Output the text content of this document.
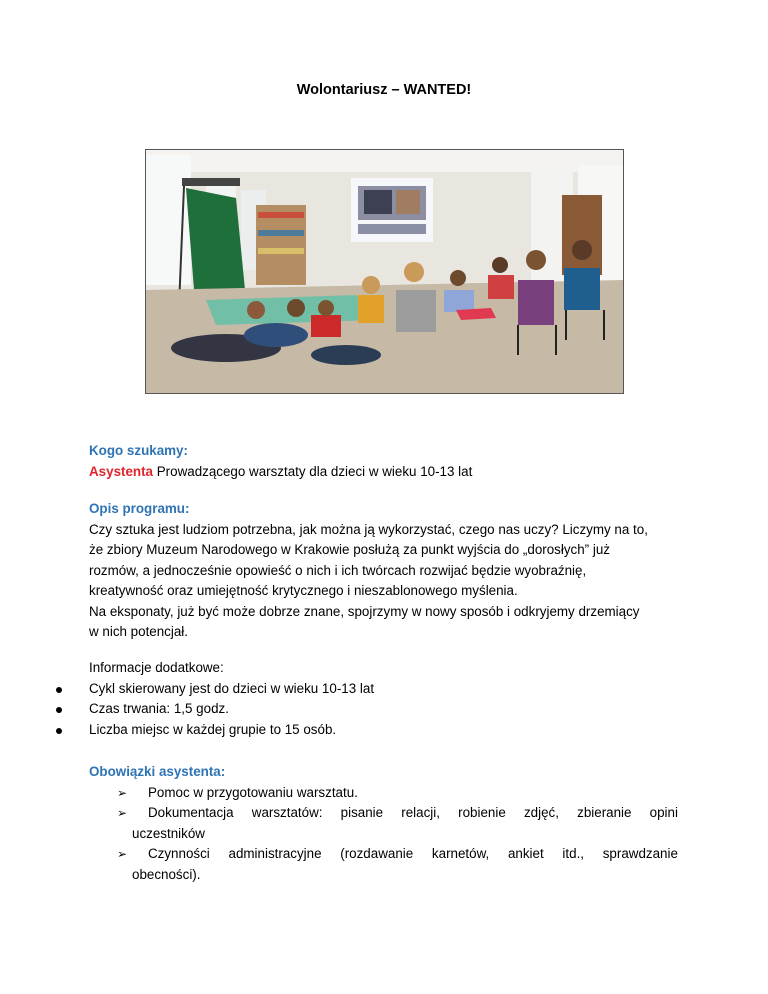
Wolontariusz – WANTED!
Kogo szukamy:
Asystenta Prowadzącego warsztaty dla dzieci w wieku 10-13 lat
Opis programu:
Czy sztuka jest ludziom potrzebna, jak można ją wykorzystać, czego nas uczy? Liczymy na to,
że zbiory Muzeum Narodowego w Krakowie posłużą za punkt wyjścia do „dorosłych” już
rozmów, a jednocześnie opowieść o nich i ich twórcach rozwijać będzie wyobraźnię,
kreatywność oraz umiejętność krytycznego i nieszablonowego myślenia.
Na eksponaty, już być może dobrze znane, spojrzymy w nowy sposób i odkryjemy drzemiący
w nich potencjał.
Informacje dodatkowe:
Cykl skierowany jest do dzieci w wieku 10-13 lat
Czas trwania: 1,5 godz.
Liczba miejsc w każdej grupie to 15 osób.
Obowiązki asystenta:
➢ Pomoc w przygotowaniu warsztatu.
➢	Dokumentacja warsztatów: pisanie relacji, robienie zdjęć, zbieranie opini
uczestników
➢	Czynności administracyjne (rozdawanie karnetów, ankiet itd., sprawdzanie
obecności).
